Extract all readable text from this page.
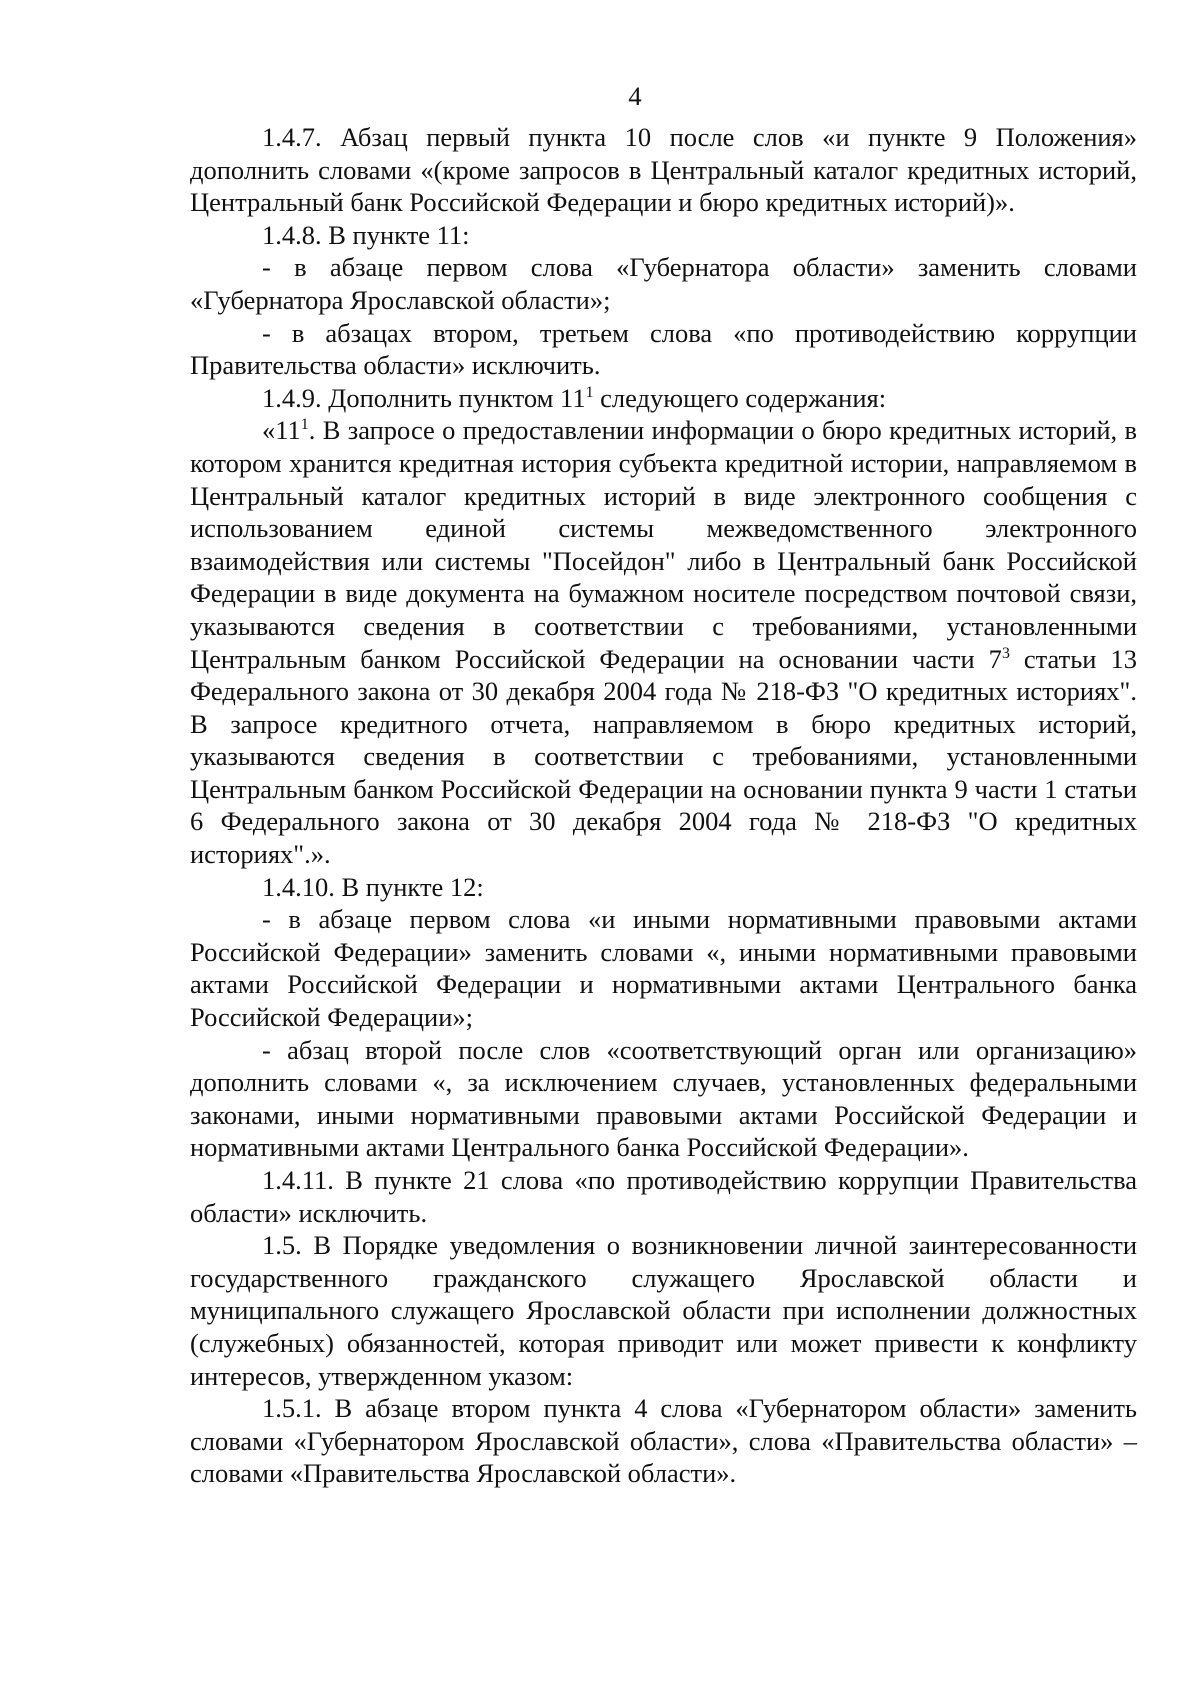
4

1.4.7. Абзац первый пункта 10 после слов «и пункте 9 Положения» дополнить словами «(кроме запросов в Центральный каталог кредитных историй, Центральный банк Российской Федерации и бюро кредитных историй)».

1.4.8. В пункте 11:

- в абзаце первом слова «Губернатора области» заменить словами «Губернатора Ярославской области»;

- в абзацах втором, третьем слова «по противодействию коррупции Правительства области» исключить.

1.4.9. Дополнить пунктом $11^1$ следующего содержания:

«$11^1$. В запросе о предоставлении информации о бюро кредитных историй, в котором хранится кредитная история субъекта кредитной истории, направляемом в Центральный каталог кредитных историй в виде электронного сообщения с использованием единой системы межведомственного электронного взаимодействия или системы "Посейдон" либо в Центральный банк Российской Федерации в виде документа на бумажном носителе посредством почтовой связи, указываются сведения в соответствии с требованиями, установленными Центральным банком Российской Федерации на основании части $7^3$ статьи 13 Федерального закона от 30 декабря 2004 года № 218-ФЗ "О кредитных историях". В запросе кредитного отчета, направляемом в бюро кредитных историй, указываются сведения в соответствии с требованиями, установленными Центральным банком Российской Федерации на основании пункта 9 части 1 статьи 6 Федерального закона от 30 декабря 2004 года № 218-ФЗ "О кредитных историях".».

1.4.10. В пункте 12:

- в абзаце первом слова «и иными нормативными правовыми актами Российской Федерации» заменить словами «, иными нормативными правовыми актами Российской Федерации и нормативными актами Центрального банка Российской Федерации»;

- абзац второй после слов «соответствующий орган или организацию» дополнить словами «, за исключением случаев, установленных федеральными законами, иными нормативными правовыми актами Российской Федерации и нормативными актами Центрального банка Российской Федерации».

1.4.11. В пункте 21 слова «по противодействию коррупции Правительства области» исключить.

1.5. В Порядке уведомления о возникновении личной заинтересованности государственного гражданского служащего Ярославской области и муниципального служащего Ярославской области при исполнении должностных (служебных) обязанностей, которая приводит или может привести к конфликту интересов, утвержденном указом:

1.5.1. В абзаце втором пункта 4 слова «Губернатором области» заменить словами «Губернатором Ярославской области», слова «Правительства области» – словами «Правительства Ярославской области».
